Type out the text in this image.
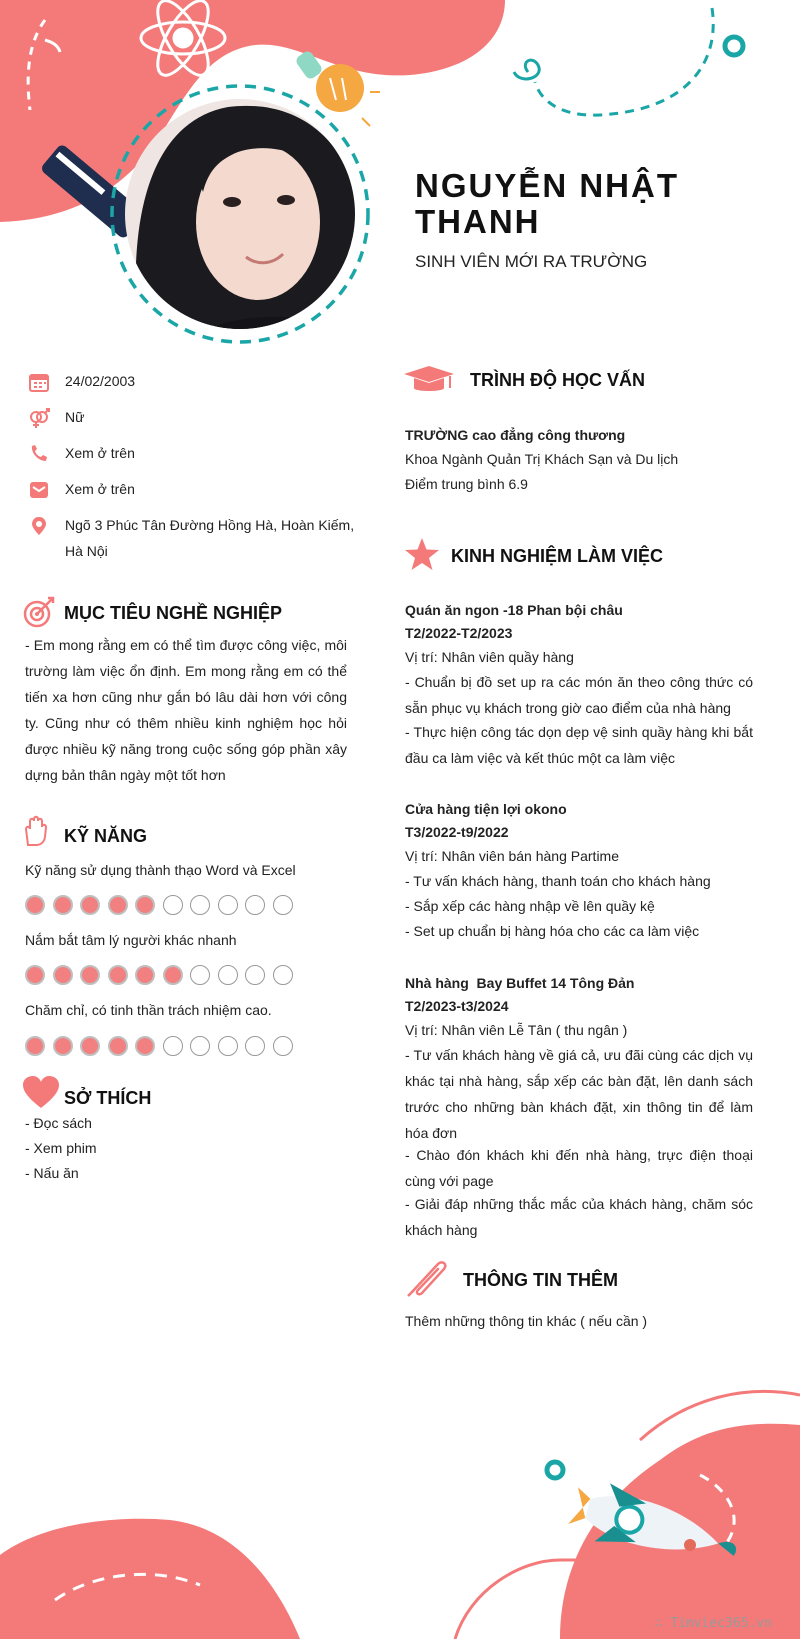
NGUYỄN NHẬT THANH
SINH VIÊN MỚI RA TRƯỜNG
24/02/2003
Nữ
Xem ở trên
Xem ở trên
Ngõ 3 Phúc Tân Đường Hồng Hà, Hoàn Kiếm, Hà Nội
MỤC TIÊU NGHỀ NGHIỆP
- Em mong rằng em có thể tìm được công việc, môi trường làm việc ổn định. Em mong rằng em có thể tiến xa hơn cũng như gắn bó lâu dài hơn với công ty. Cũng như có thêm nhiều kinh nghiệm học hỏi được nhiều kỹ năng trong cuộc sống góp phần xây dựng bản thân ngày một tốt hơn
KỸ NĂNG
Kỹ năng sử dụng thành thạo Word và Excel
Nắm bắt tâm lý người khác nhanh
Chăm chỉ, có tinh thần trách nhiệm cao.
SỞ THÍCH
- Đọc sách
- Xem phim
- Nấu ăn
TRÌNH ĐỘ HỌC VẤN
TRƯỜNG cao đẳng công thương
Khoa Ngành Quản Trị Khách Sạn và Du lịch
Điểm trung bình 6.9
KINH NGHIỆM LÀM VIỆC
Quán ăn ngon -18 Phan bội châu
T2/2022-T2/2023
Vị trí: Nhân viên quầy hàng
- Chuẩn bị đồ set up ra các món ăn theo công thức có sẵn phục vụ khách trong giờ cao điểm của nhà hàng
- Thực hiện công tác dọn dẹp vệ sinh quầy hàng khi bắt đầu ca làm việc và kết thúc một ca làm việc
Cửa hàng tiện lợi okono
T3/2022-t9/2022
Vị trí: Nhân viên bán hàng Partime
- Tư vấn khách hàng, thanh toán cho khách hàng
- Sắp xếp các hàng nhập về lên quầy kệ
- Set up chuẩn bị hàng hóa cho các ca làm việc
Nhà hàng  Bay Buffet 14 Tông Đản
T2/2023-t3/2024
Vị trí: Nhân viên Lễ Tân ( thu ngân )
- Tư vấn khách hàng về giá cả, ưu đãi cùng các dịch vụ khác tại nhà hàng, sắp xếp các bàn đặt, lên danh sách trước cho những bàn khách đặt, xin thông tin để làm hóa đơn
- Chào đón khách khi đến nhà hàng, trực điện thoại cùng với page
- Giải đáp những thắc mắc của khách hàng, chăm sóc khách hàng
THÔNG TIN THÊM
Thêm những thông tin khác ( nếu cần )
∴ Timviec365.vn
